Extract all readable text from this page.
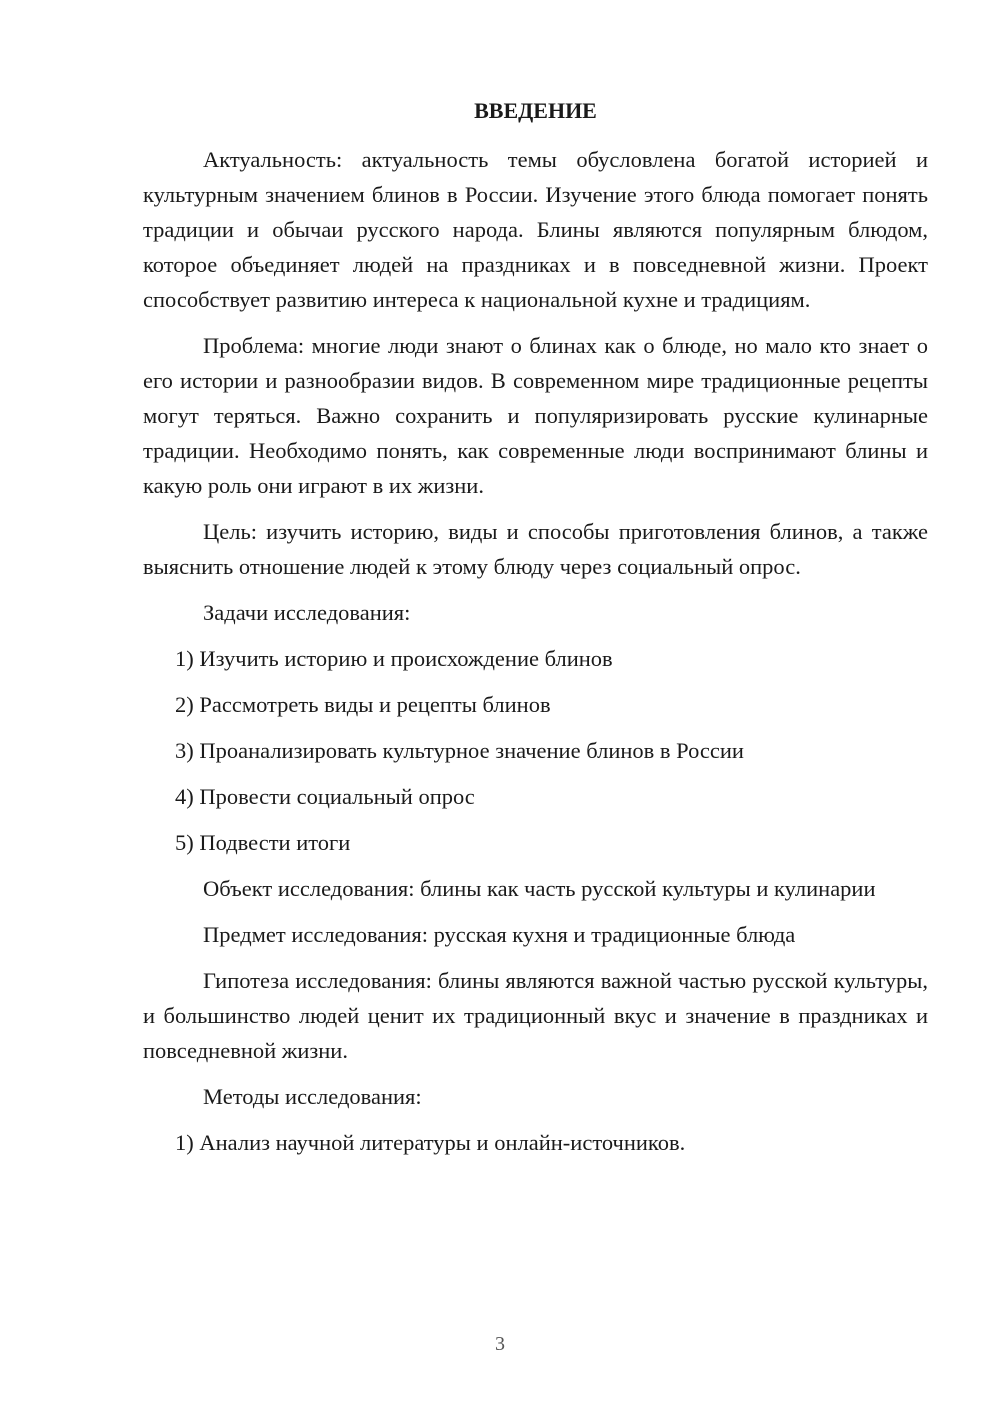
ВВЕДЕНИЕ

Актуальность: актуальность темы обусловлена богатой историей и культурным значением блинов в России. Изучение этого блюда помогает понять традиции и обычаи русского народа. Блины являются популярным блюдом, которое объединяет людей на праздниках и в повседневной жизни. Проект способствует развитию интереса к национальной кухне и традициям.

Проблема: многие люди знают о блинах как о блюде, но мало кто знает о его истории и разнообразии видов. В современном мире традиционные рецепты могут теряться. Важно сохранить и популяризировать русские кулинарные традиции. Необходимо понять, как современные люди воспринимают блины и какую роль они играют в их жизни.

Цель: изучить историю, виды и способы приготовления блинов, а также выяснить отношение людей к этому блюду через социальный опрос.

Задачи исследования:

1) Изучить историю и происхождение блинов
2) Рассмотреть виды и рецепты блинов
3) Проанализировать культурное значение блинов в России
4) Провести социальный опрос
5) Подвести итоги

Объект исследования: блины как часть русской культуры и кулинарии

Предмет исследования: русская кухня и традиционные блюда

Гипотеза исследования: блины являются важной частью русской культуры, и большинство людей ценит их традиционный вкус и значение в праздниках и повседневной жизни.

Методы исследования:

1) Анализ научной литературы и онлайн-источников.
3
